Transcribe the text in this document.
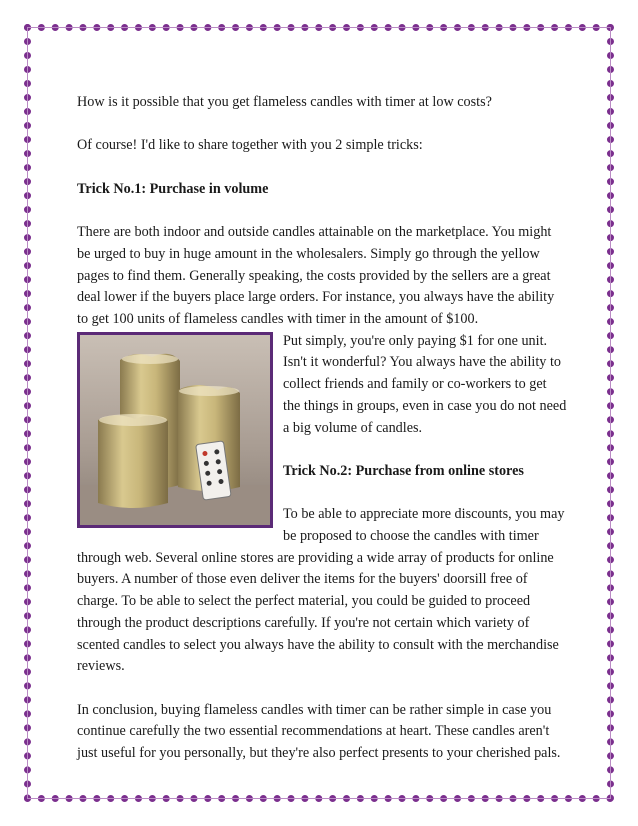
How is it possible that you get flameless candles with timer at low costs?

Of course! I'd like to share together with you 2 simple tricks:

Trick No.1: Purchase in volume

There are both indoor and outside candles attainable on the marketplace. You might be urged to buy in huge amount in the wholesalers. Simply go through the yellow pages to find them. Generally speaking, the costs provided by the sellers are a great deal lower if the buyers place large orders. For instance, you always have the ability to get 100 units of flameless candles with timer in the amount of $100.

Put simply, you're only paying $1 for one unit. Isn't it wonderful? You always have the ability to collect friends and family or co-workers to get the things in groups, even in case you do not need a big volume of candles.

Trick No.2: Purchase from online stores

To be able to appreciate more discounts, you may be proposed to choose the candles with timer through web. Several online stores are providing a wide array of products for online buyers. A number of those even deliver the items for the buyers' doorsill free of charge. To be able to select the perfect material, you could be guided to proceed through the product descriptions carefully. If you're not certain which variety of scented candles to select you always have the ability to consult with the merchandise reviews.

In conclusion, buying flameless candles with timer can be rather simple in case you continue carefully the two essential recommendations at heart. These candles aren't just useful for you personally, but they're also perfect presents to your cherished pals.
